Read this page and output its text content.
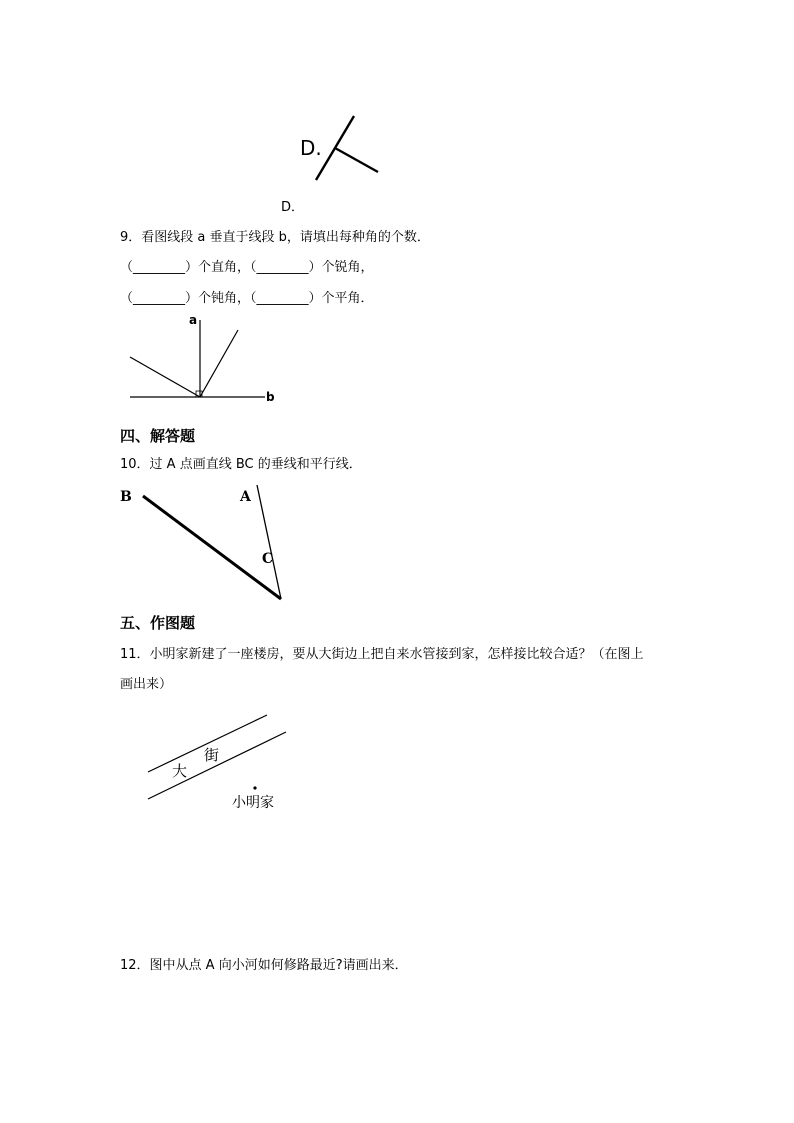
D.
D．
9．看图线段 a 垂直于线段 b，请填出每种角的个数．
（________）个直角，（________）个锐角，
（________）个钝角，（________）个平角．
a
b
四、解答题
10．过 A 点画直线 BC 的垂线和平行线．
B	A
C
五、作图题
11．小明家新建了一座楼房，要从大街边上把自来水管接到家，怎样接比较合适？（在图上
画出来）
大
街
小明家
12．图中从点 A 向小河如何修路最近?请画出来．
